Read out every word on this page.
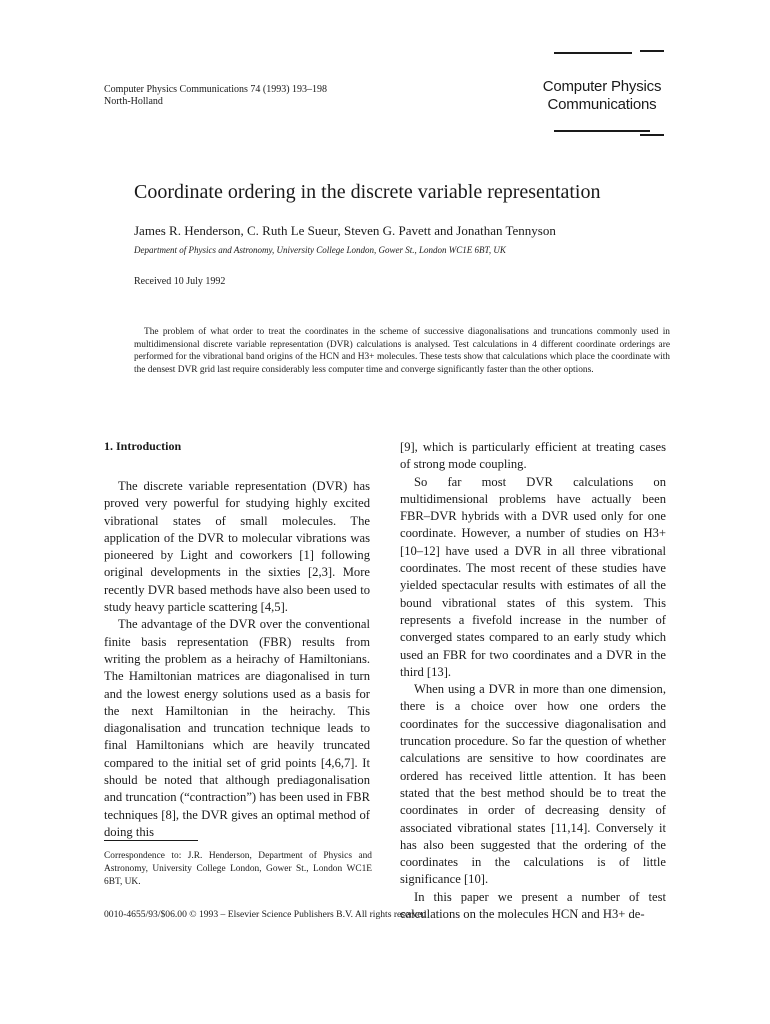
Computer Physics Communications 74 (1993) 193–198
North-Holland
Computer Physics
Communications
Coordinate ordering in the discrete variable representation
James R. Henderson, C. Ruth Le Sueur, Steven G. Pavett and Jonathan Tennyson
Department of Physics and Astronomy, University College London, Gower St., London WC1E 6BT, UK
Received 10 July 1992
The problem of what order to treat the coordinates in the scheme of successive diagonalisations and truncations commonly used in multidimensional discrete variable representation (DVR) calculations is analysed. Test calculations in 4 different coordinate orderings are performed for the vibrational band origins of the HCN and H3+ molecules. These tests show that calculations which place the coordinate with the densest DVR grid last require considerably less computer time and converge significantly faster than the other options.
1. Introduction

The discrete variable representation (DVR) has proved very powerful for studying highly excited vibrational states of small molecules. The application of the DVR to molecular vibrations was pioneered by Light and coworkers [1] following original developments in the sixties [2,3]. More recently DVR based methods have also been used to study heavy particle scattering [4,5].

The advantage of the DVR over the conventional finite basis representation (FBR) results from writing the problem as a heirachy of Hamiltonians. The Hamiltonian matrices are diagonalised in turn and the lowest energy solutions used as a basis for the next Hamiltonian in the heirachy. This diagonalisation and truncation technique leads to final Hamiltonians which are heavily truncated compared to the initial set of grid points [4,6,7]. It should be noted that although prediagonalisation and truncation (“contraction”) has been used in FBR techniques [8], the DVR gives an optimal method of doing this

[9], which is particularly efficient at treating cases of strong mode coupling.

So far most DVR calculations on multidimensional problems have actually been FBR–DVR hybrids with a DVR used only for one coordinate. However, a number of studies on H3+ [10–12] have used a DVR in all three vibrational coordinates. The most recent of these studies have yielded spectacular results with estimates of all the bound vibrational states of this system. This represents a fivefold increase in the number of converged states compared to an early study which used an FBR for two coordinates and a DVR in the third [13].

When using a DVR in more than one dimension, there is a choice over how one orders the coordinates for the successive diagonalisation and truncation procedure. So far the question of whether calculations are sensitive to how coordinates are ordered has received little attention. It has been stated that the best method should be to treat the coordinates in order of decreasing density of associated vibrational states [11,14]. Conversely it has also been suggested that the ordering of the coordinates in the calculations is of little significance [10].

In this paper we present a number of test calculations on the molecules HCN and H3+ de-

Correspondence to: J.R. Henderson, Department of Physics and Astronomy, University College London, Gower St., London WC1E 6BT, UK.
0010-4655/93/$06.00 © 1993 – Elsevier Science Publishers B.V. All rights reserved
